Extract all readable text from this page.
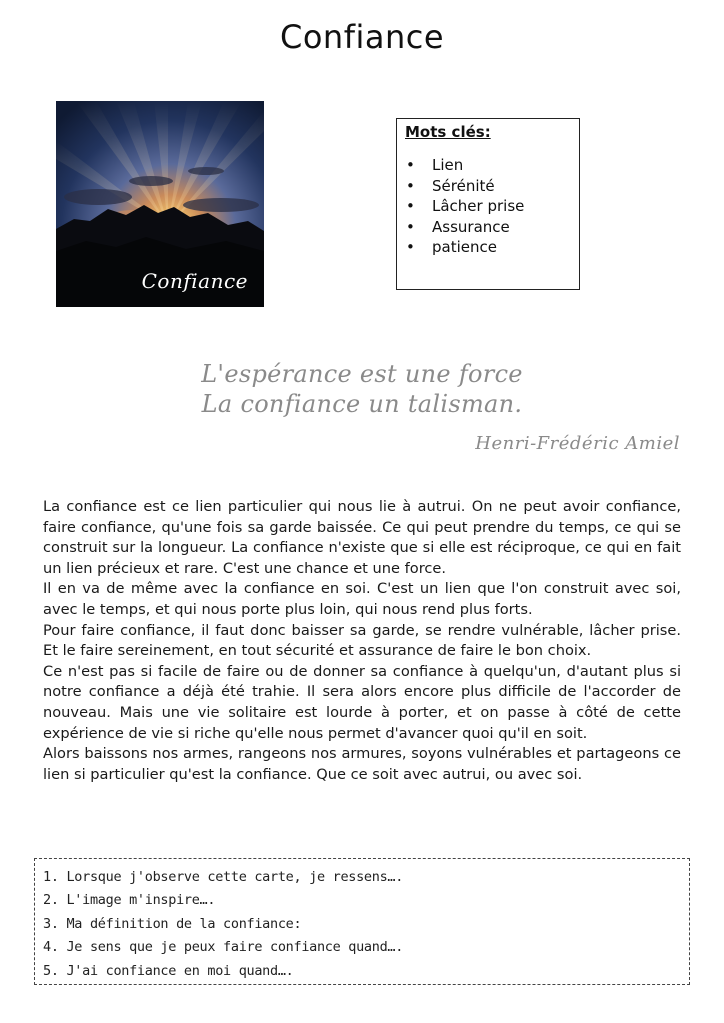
Confiance
Confiance
Mots clés:
• Lien
• Sérénité
• Lâcher prise
• Assurance
• patience
L'espérance est une force
La confiance un talisman.
Henri-Frédéric Amiel

La confiance est ce lien particulier qui nous lie à autrui. On ne peut avoir confiance, faire confiance, qu'une fois sa garde baissée. Ce qui peut prendre du temps, ce qui se construit sur la longueur. La confiance n'existe que si elle est réciproque, ce qui en fait un lien précieux et rare. C'est une chance et une force.

Il en va de même avec la confiance en soi. C'est un lien que l'on construit avec soi, avec le temps, et qui nous porte plus loin, qui nous rend plus forts.

Pour faire confiance, il faut donc baisser sa garde, se rendre vulnérable, lâcher prise. Et le faire sereinement, en tout sécurité et assurance de faire le bon choix.

Ce n'est pas si facile de faire ou de donner sa confiance à quelqu'un, d'autant plus si notre confiance a déjà été trahie. Il sera alors encore plus difficile de l'accorder de nouveau. Mais une vie solitaire est lourde à porter, et on passe à côté de cette expérience de vie si riche qu'elle nous permet d'avancer quoi qu'il en soit.

Alors baissons nos armes, rangeons nos armures, soyons vulnérables et partageons ce lien si particulier qu'est la confiance. Que ce soit avec autrui, ou avec soi.

1. Lorsque j'observe cette carte, je ressens….
2. L'image m'inspire….
3. Ma définition de la confiance:
4. Je sens que je peux faire confiance quand….
5. J'ai confiance en moi quand….
